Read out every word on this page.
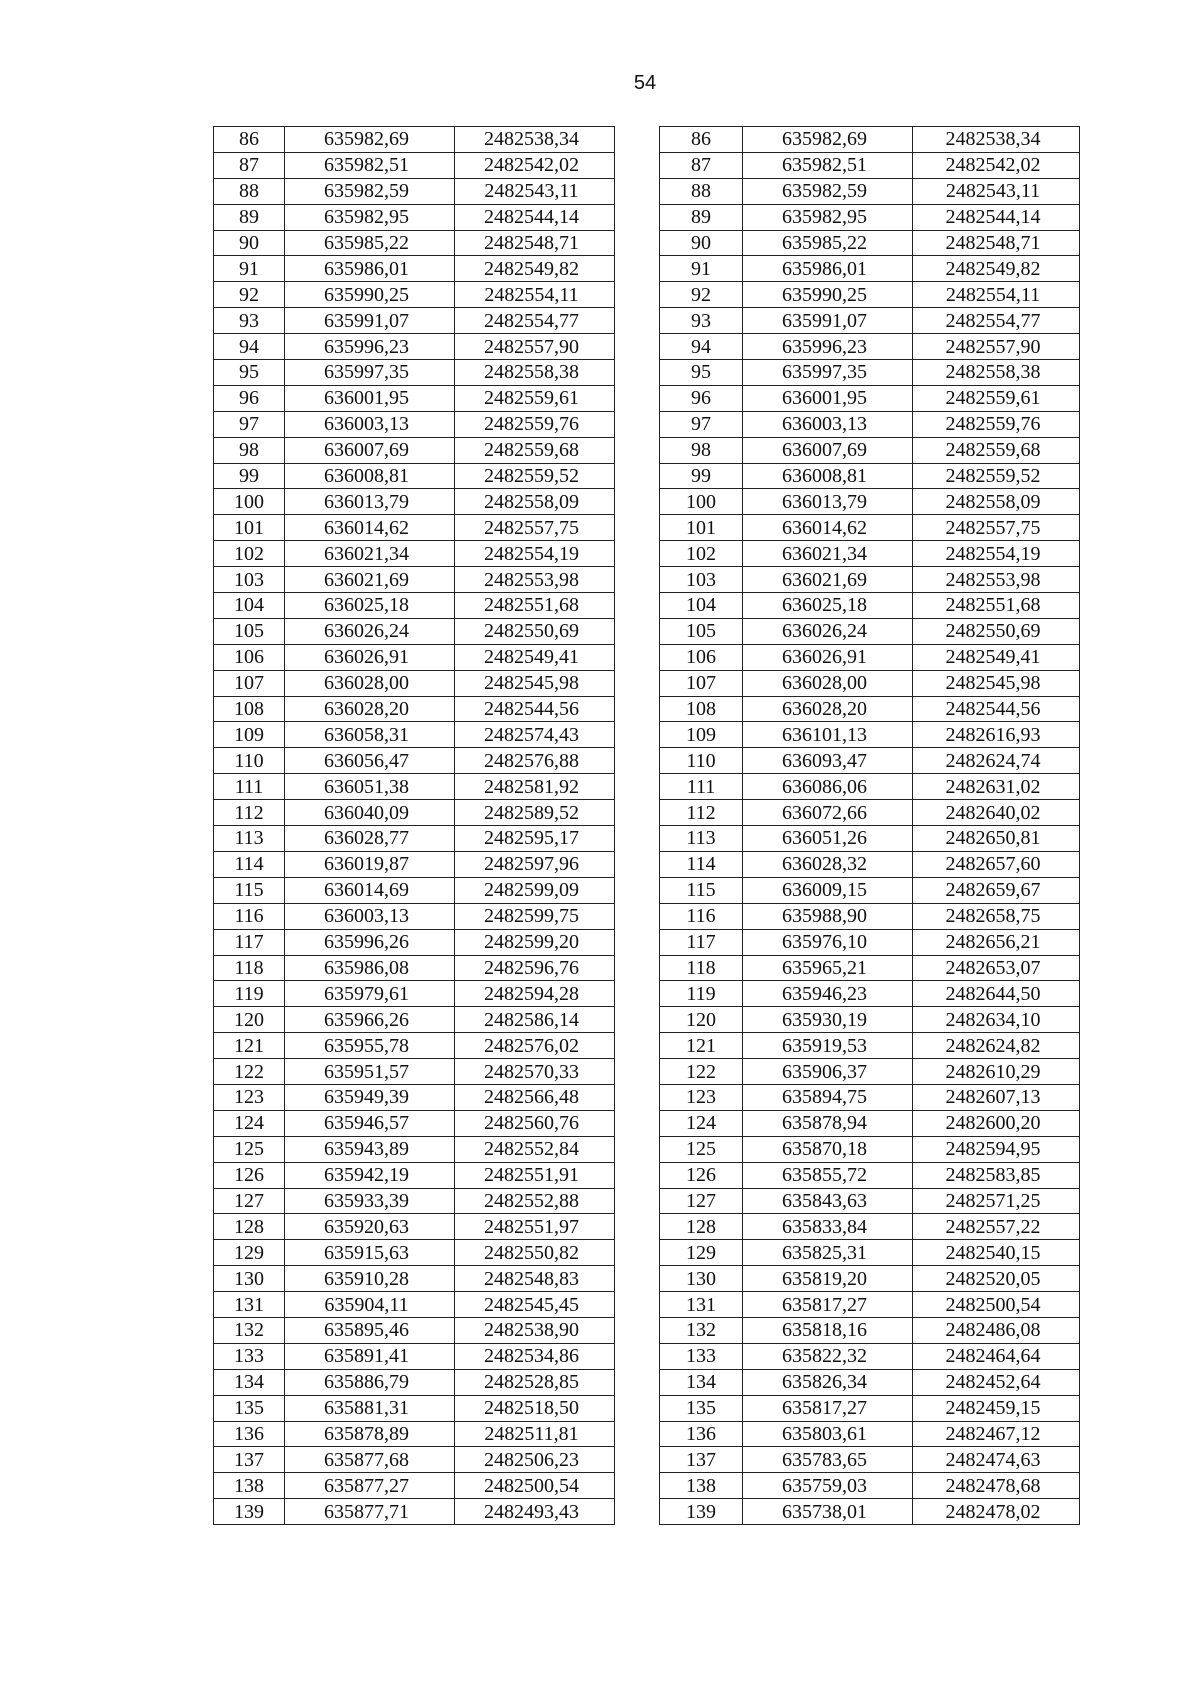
54
86	635982,69	2482538,34		86	635982,69	2482538,34
87	635982,51	2482542,02		87	635982,51	2482542,02
88	635982,59	2482543,11		88	635982,59	2482543,11
89	635982,95	2482544,14		89	635982,95	2482544,14
90	635985,22	2482548,71		90	635985,22	2482548,71
91	635986,01	2482549,82		91	635986,01	2482549,82
92	635990,25	2482554,11		92	635990,25	2482554,11
93	635991,07	2482554,77		93	635991,07	2482554,77
94	635996,23	2482557,90		94	635996,23	2482557,90
95	635997,35	2482558,38		95	635997,35	2482558,38
96	636001,95	2482559,61		96	636001,95	2482559,61
97	636003,13	2482559,76		97	636003,13	2482559,76
98	636007,69	2482559,68		98	636007,69	2482559,68
99	636008,81	2482559,52		99	636008,81	2482559,52
100	636013,79	2482558,09		100	636013,79	2482558,09
101	636014,62	2482557,75		101	636014,62	2482557,75
102	636021,34	2482554,19		102	636021,34	2482554,19
103	636021,69	2482553,98		103	636021,69	2482553,98
104	636025,18	2482551,68		104	636025,18	2482551,68
105	636026,24	2482550,69		105	636026,24	2482550,69
106	636026,91	2482549,41		106	636026,91	2482549,41
107	636028,00	2482545,98		107	636028,00	2482545,98
108	636028,20	2482544,56		108	636028,20	2482544,56
109	636058,31	2482574,43		109	636101,13	2482616,93
110	636056,47	2482576,88		110	636093,47	2482624,74
111	636051,38	2482581,92		111	636086,06	2482631,02
112	636040,09	2482589,52		112	636072,66	2482640,02
113	636028,77	2482595,17		113	636051,26	2482650,81
114	636019,87	2482597,96		114	636028,32	2482657,60
115	636014,69	2482599,09		115	636009,15	2482659,67
116	636003,13	2482599,75		116	635988,90	2482658,75
117	635996,26	2482599,20		117	635976,10	2482656,21
118	635986,08	2482596,76		118	635965,21	2482653,07
119	635979,61	2482594,28		119	635946,23	2482644,50
120	635966,26	2482586,14		120	635930,19	2482634,10
121	635955,78	2482576,02		121	635919,53	2482624,82
122	635951,57	2482570,33		122	635906,37	2482610,29
123	635949,39	2482566,48		123	635894,75	2482607,13
124	635946,57	2482560,76		124	635878,94	2482600,20
125	635943,89	2482552,84		125	635870,18	2482594,95
126	635942,19	2482551,91		126	635855,72	2482583,85
127	635933,39	2482552,88		127	635843,63	2482571,25
128	635920,63	2482551,97		128	635833,84	2482557,22
129	635915,63	2482550,82		129	635825,31	2482540,15
130	635910,28	2482548,83		130	635819,20	2482520,05
131	635904,11	2482545,45		131	635817,27	2482500,54
132	635895,46	2482538,90		132	635818,16	2482486,08
133	635891,41	2482534,86		133	635822,32	2482464,64
134	635886,79	2482528,85		134	635826,34	2482452,64
135	635881,31	2482518,50		135	635817,27	2482459,15
136	635878,89	2482511,81		136	635803,61	2482467,12
137	635877,68	2482506,23		137	635783,65	2482474,63
138	635877,27	2482500,54		138	635759,03	2482478,68
139	635877,71	2482493,43		139	635738,01	2482478,02
